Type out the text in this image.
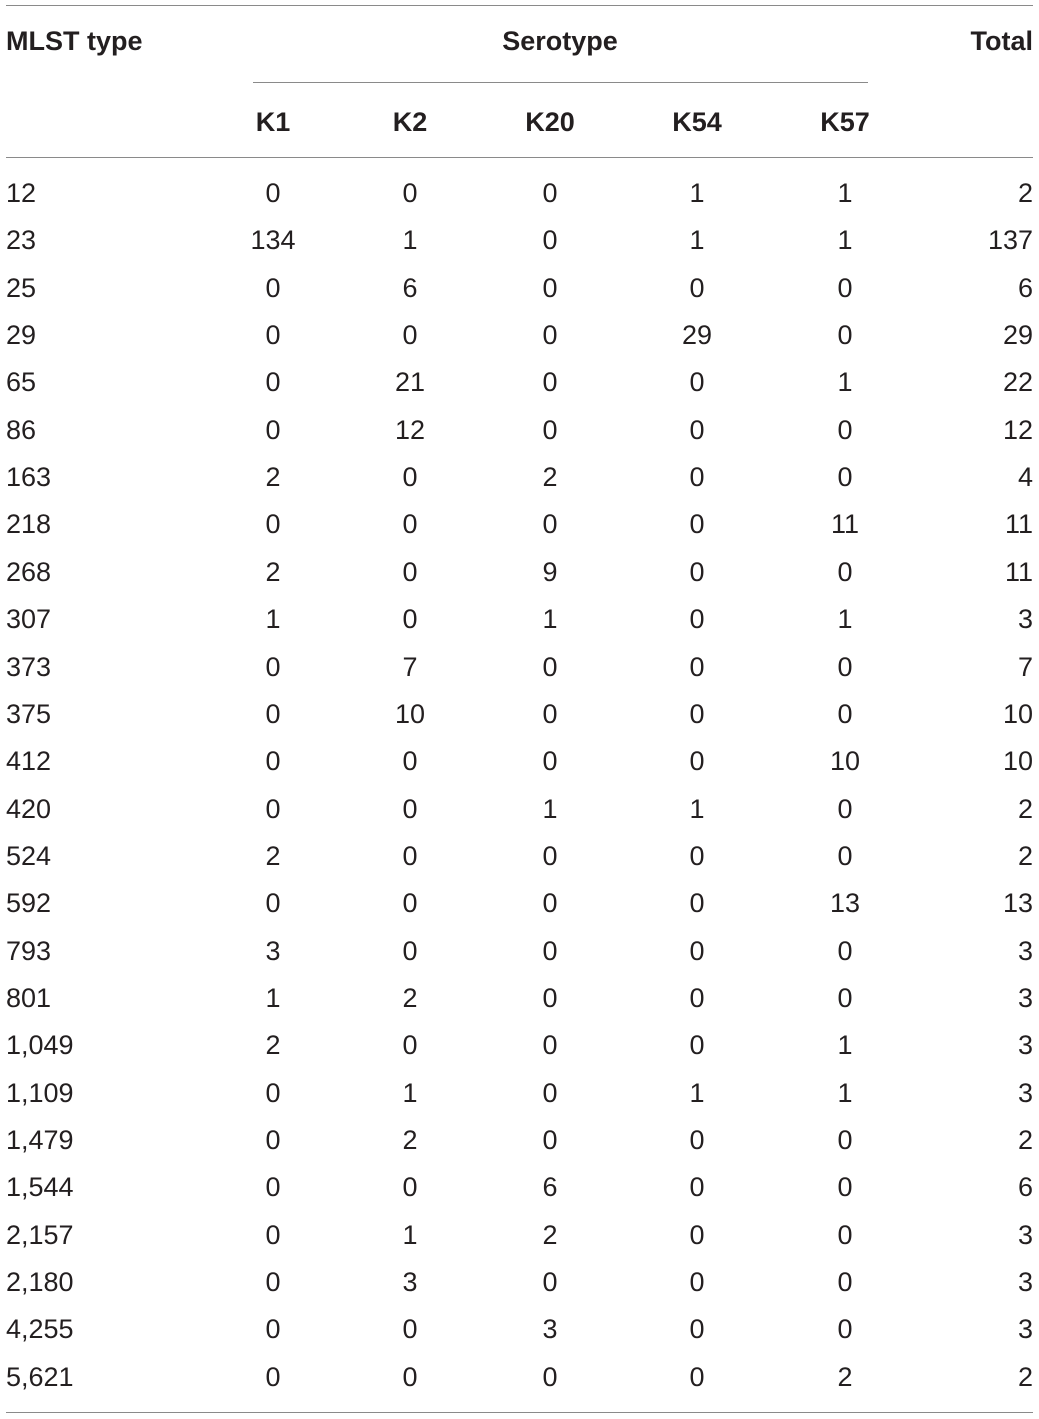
MLST type	Serotype	Total
K1	K2	K20	K54	K57
12	0	0	0	1	1	2
23	134	1	0	1	1	137
25	0	6	0	0	0	6
29	0	0	0	29	0	29
65	0	21	0	0	1	22
86	0	12	0	0	0	12
163	2	0	2	0	0	4
218	0	0	0	0	11	11
268	2	0	9	0	0	11
307	1	0	1	0	1	3
373	0	7	0	0	0	7
375	0	10	0	0	0	10
412	0	0	0	0	10	10
420	0	0	1	1	0	2
524	2	0	0	0	0	2
592	0	0	0	0	13	13
793	3	0	0	0	0	3
801	1	2	0	0	0	3
1,049	2	0	0	0	1	3
1,109	0	1	0	1	1	3
1,479	0	2	0	0	0	2
1,544	0	0	6	0	0	6
2,157	0	1	2	0	0	3
2,180	0	3	0	0	0	3
4,255	0	0	3	0	0	3
5,621	0	0	0	0	2	2
